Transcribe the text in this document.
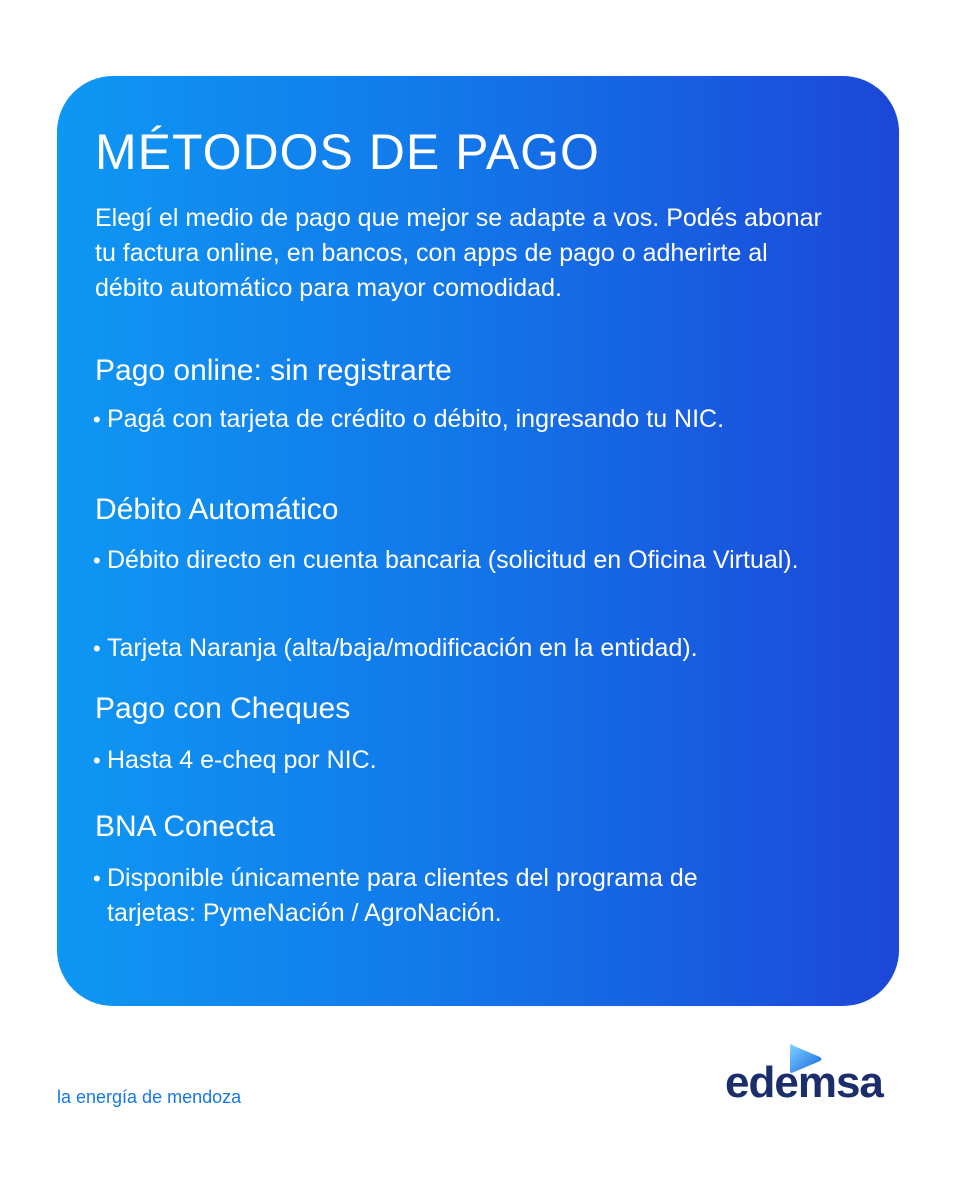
MÉTODOS DE PAGO

Elegí el medio de pago que mejor se adapte a vos. Podés abonar tu factura online, en bancos, con apps de pago o adherirte al débito automático para mayor comodidad.

Pago online: sin registrarte
• Pagá con tarjeta de crédito o débito, ingresando tu NIC.
Débito Automático
• Débito directo en cuenta bancaria (solicitud en Oficina Virtual).
• Tarjeta Naranja (alta/baja/modificación en la entidad).
Pago con Cheques
• Hasta 4 e-cheq por NIC.
BNA Conecta
• Disponible únicamente para clientes del programa de tarjetas: PymeNación / AgroNación.

la energía de mendoza	edemsa
